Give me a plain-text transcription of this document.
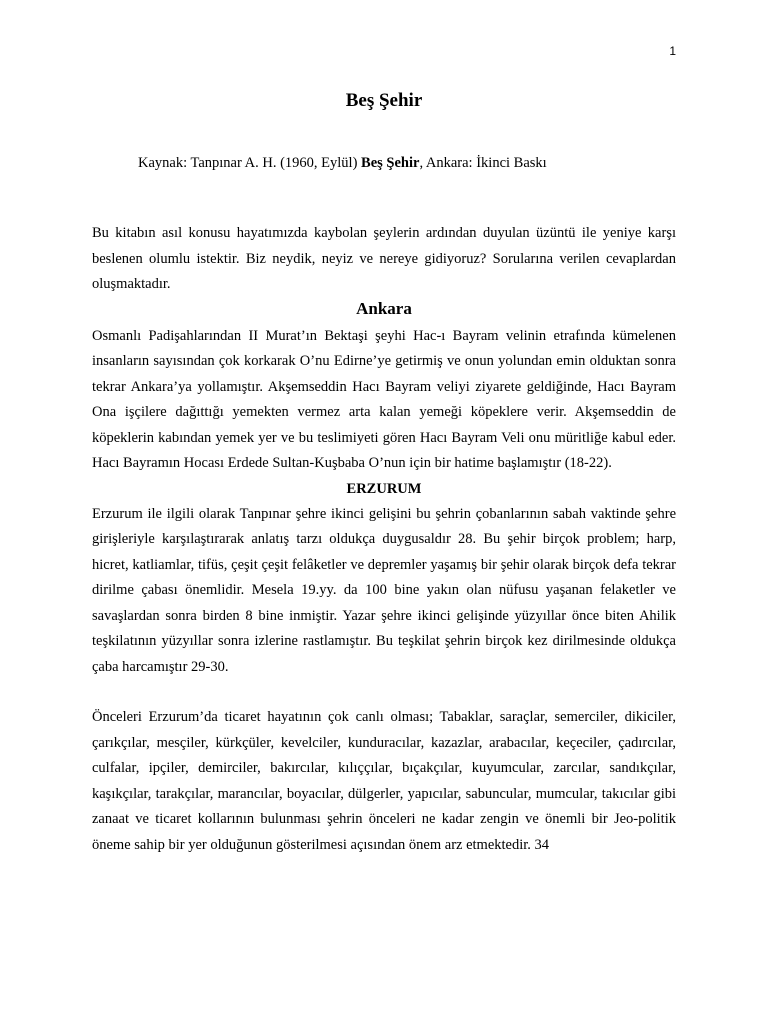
1
Beş Şehir
Kaynak: Tanpınar A. H. (1960, Eylül) Beş Şehir, Ankara: İkinci Baskı

Bu kitabın asıl konusu hayatımızda kaybolan şeylerin ardından duyulan üzüntü ile yeniye karşı beslenen olumlu istektir. Biz neydik, neyiz ve nereye gidiyoruz? Sorularına verilen cevaplardan oluşmaktadır.

Ankara

Osmanlı Padişahlarından II Murat’ın Bektaşi şeyhi Hac-ı Bayram velinin etrafında kümelenen insanların sayısından çok korkarak O’nu Edirne’ye getirmiş ve onun yolundan emin olduktan sonra tekrar Ankara’ya yollamıştır. Akşemseddin Hacı Bayram veliyi ziyarete geldiğinde, Hacı Bayram Ona işçilere dağıttığı yemekten vermez arta kalan yemeği köpeklere verir. Akşemseddin de köpeklerin kabından yemek yer ve bu teslimiyeti gören Hacı Bayram Veli onu müritliğe kabul eder. Hacı Bayramın Hocası Erdede Sultan-Kuşbaba O’nun için bir hatime başlamıştır (18-22).

ERZURUM

Erzurum ile ilgili olarak Tanpınar şehre ikinci gelişini bu şehrin çobanlarının sabah vaktinde şehre girişleriyle karşılaştırarak anlatış tarzı oldukça duygusaldır 28. Bu şehir birçok problem; harp, hicret, katliamlar, tifüs, çeşit çeşit felâketler ve depremler yaşamış bir şehir olarak birçok defa tekrar dirilme çabası önemlidir. Mesela 19.yy. da 100 bine yakın olan nüfusu yaşanan felaketler ve savaşlardan sonra birden 8 bine inmiştir. Yazar şehre ikinci gelişinde yüzyıllar önce biten Ahilik teşkilatının yüzyıllar sonra izlerine rastlamıştır. Bu teşkilat şehrin birçok kez dirilmesinde oldukça çaba harcamıştır 29-30.

Önceleri Erzurum’da ticaret hayatının çok canlı olması; Tabaklar, saraçlar, semerciler, dikiciler, çarıkçılar, mesçiler, kürkçüler, kevelciler, kunduracılar, kazazlar, arabacılar, keçeciler, çadırcılar, culfalar, ipçiler, demirciler, bakırcılar, kılıççılar, bıçakçılar, kuyumcular, zarcılar, sandıkçılar, kaşıkçılar, tarakçılar, marancılar, boyacılar, dülgerler, yapıcılar, sabuncular, mumcular, takıcılar gibi zanaat ve ticaret kollarının bulunması şehrin önceleri ne kadar zengin ve önemli bir Jeo-politik öneme sahip bir yer olduğunun gösterilmesi açısından önem arz etmektedir. 34
